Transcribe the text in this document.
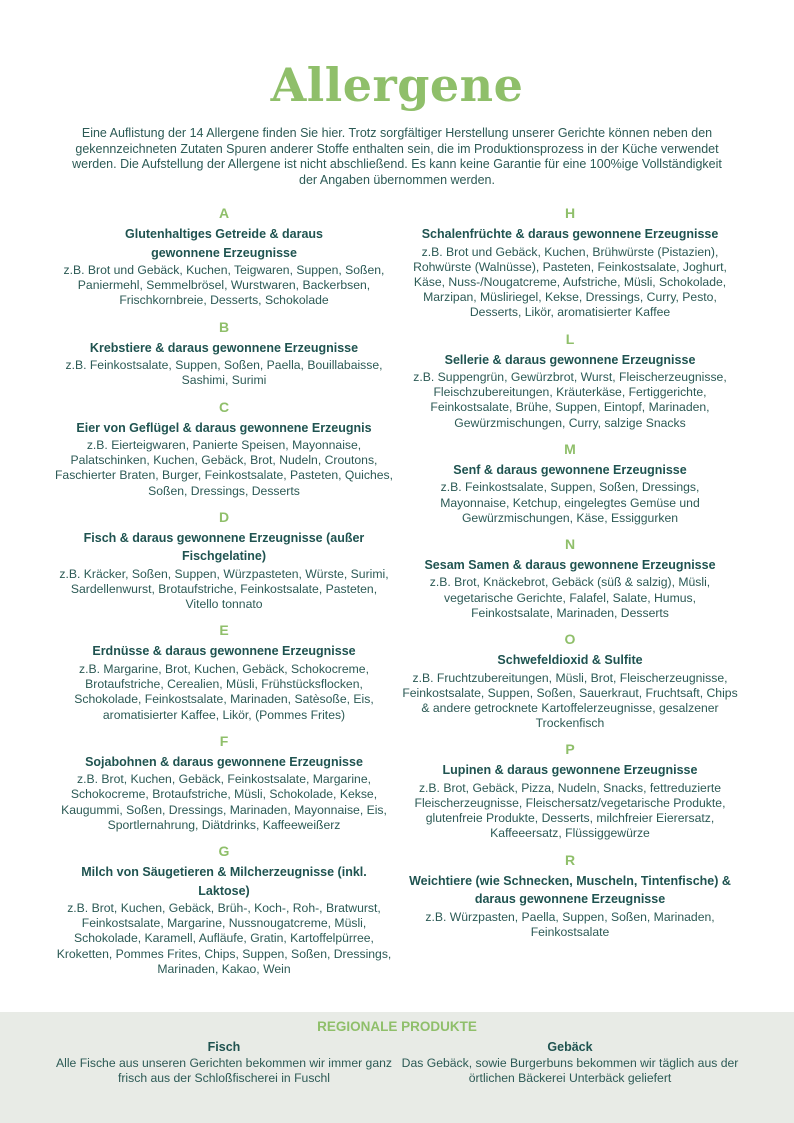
Allergene
Eine Auflistung der 14 Allergene finden Sie hier. Trotz sorgfältiger Herstellung unserer Gerichte können neben den gekennzeichneten Zutaten Spuren anderer Stoffe enthalten sein, die im Produktionsprozess in der Küche verwendet werden. Die Aufstellung der Allergene ist nicht abschließend. Es kann keine Garantie für eine 100%ige Vollständigkeit der Angaben übernommen werden.
A
Glutenhaltiges Getreide & daraus gewonnene Erzeugnisse
z.B. Brot und Gebäck, Kuchen, Teigwaren, Suppen, Soßen, Paniermehl, Semmelbrösel, Wurstwaren, Backerbsen, Frischkornbreie, Desserts, Schokolade
B
Krebstiere & daraus gewonnene Erzeugnisse
z.B. Feinkostsalate, Suppen, Soßen, Paella, Bouillabaisse, Sashimi, Surimi
C
Eier von Geflügel & daraus gewonnene Erzeugnis
z.B. Eierteigwaren, Panierte Speisen, Mayonnaise, Palatschinken, Kuchen, Gebäck, Brot, Nudeln, Croutons, Faschierter Braten, Burger, Feinkostsalate, Pasteten, Quiches, Soßen, Dressings, Desserts
D
Fisch & daraus gewonnene Erzeugnisse (außer Fischgelatine)
z.B. Kräcker, Soßen, Suppen, Würzpasteten, Würste, Surimi, Sardellenwurst, Brotaufstriche, Feinkostsalate, Pasteten, Vitello tonnato
E
Erdnüsse & daraus gewonnene Erzeugnisse
z.B. Margarine, Brot, Kuchen, Gebäck, Schokocreme, Brotaufstriche, Cerealien, Müsli, Frühstücksflocken, Schokolade, Feinkostsalate, Marinaden, Satèsoße, Eis, aromatisierter Kaffee, Likör, (Pommes Frites)
F
Sojabohnen & daraus gewonnene Erzeugnisse
z.B. Brot, Kuchen, Gebäck, Feinkostsalate, Margarine, Schokocreme, Brotaufstriche, Müsli, Schokolade, Kekse, Kaugummi, Soßen, Dressings, Marinaden, Mayonnaise, Eis, Sportlernahrung, Diätdrinks, Kaffeeweißerz
G
Milch von Säugetieren & Milcherzeugnisse (inkl. Laktose)
z.B. Brot, Kuchen, Gebäck, Brüh-, Koch-, Roh-, Bratwurst, Feinkostsalate, Margarine, Nussnougatcreme, Müsli, Schokolade, Karamell, Aufläufe, Gratin, Kartoffelpürree, Kroketten, Pommes Frites, Chips, Suppen, Soßen, Dressings, Marinaden, Kakao, Wein
H
Schalenfrüchte & daraus gewonnene Erzeugnisse
z.B. Brot und Gebäck, Kuchen, Brühwürste (Pistazien), Rohwürste (Walnüsse), Pasteten, Feinkostsalate, Joghurt, Käse, Nuss-/Nougatcreme, Aufstriche, Müsli, Schokolade, Marzipan, Müsliriegel, Kekse, Dressings, Curry, Pesto, Desserts, Likör, aromatisierter Kaffee
L
Sellerie & daraus gewonnene Erzeugnisse
z.B. Suppengrün, Gewürzbrot, Wurst, Fleischerzeugnisse, Fleischzubereitungen, Kräuterkäse, Fertiggerichte, Feinkostsalate, Brühe, Suppen, Eintopf, Marinaden, Gewürzmischungen, Curry, salzige Snacks
M
Senf & daraus gewonnene Erzeugnisse
z.B. Feinkostsalate, Suppen, Soßen, Dressings, Mayonnaise, Ketchup, eingelegtes Gemüse und Gewürzmischungen, Käse, Essiggurken
N
Sesam Samen & daraus gewonnene Erzeugnisse
z.B. Brot, Knäckebrot, Gebäck (süß & salzig), Müsli, vegetarische Gerichte, Falafel, Salate, Humus, Feinkostsalate, Marinaden, Desserts
O
Schwefeldioxid & Sulfite
z.B. Fruchtzubereitungen, Müsli, Brot, Fleischerzeugnisse, Feinkostsalate, Suppen, Soßen, Sauerkraut, Fruchtsaft, Chips & andere getrocknete Kartoffelerzeugnisse, gesalzener Trockenfisch
P
Lupinen & daraus gewonnene Erzeugnisse
z.B. Brot, Gebäck, Pizza, Nudeln, Snacks, fettreduzierte Fleischerzeugnisse, Fleischersatz/vegetarische Produkte, glutenfreie Produkte, Desserts, milchfreier Eierersatz, Kaffeeersatz, Flüssiggewürze
R
Weichtiere (wie Schnecken, Muscheln, Tintenfische) & daraus gewonnene Erzeugnisse
z.B. Würzpasten, Paella, Suppen, Soßen, Marinaden, Feinkostsalate
REGIONALE PRODUKTE
Fisch
Alle Fische aus unseren Gerichten bekommen wir immer ganz frisch aus der Schloßfischerei in Fuschl
Gebäck
Das Gebäck, sowie Burgerbuns bekommen wir täglich aus der örtlichen Bäckerei Unterbäck geliefert
